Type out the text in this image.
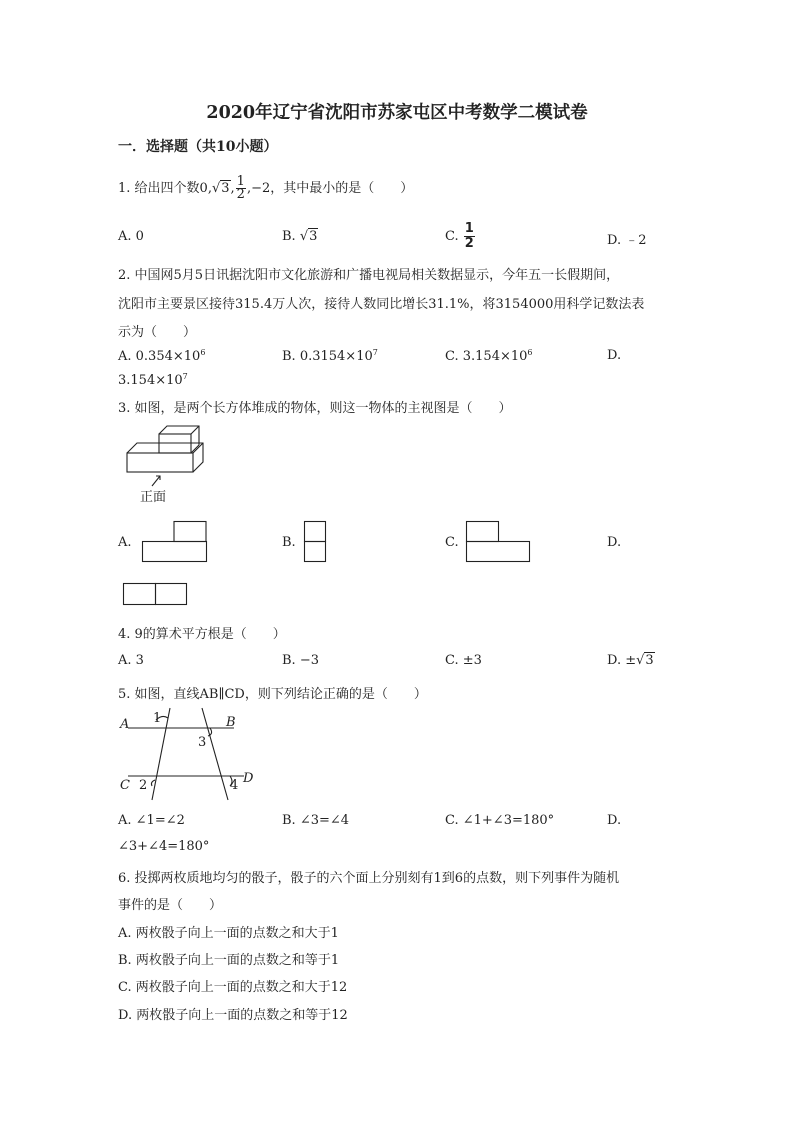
2020年辽宁省沈阳市苏家屯区中考数学二模试卷
一．选择题（共10小题）
1. 给出四个数0,√3, $\frac{1}{2} ,-2$，其中最小的是（　　）
A. 0	B. √3	C. $\frac{1}{2}$	D. ﹣2
2. 中国网5月5日讯据沈阳市文化旅游和广播电视局相关数据显示，今年五一长假期间，
沈阳市主要景区接待315.4万人次，接待人数同比增长31.1%，将3154000用科学记数法表
示为（　　）
A. $0.354\times 10^6$	B. $0.3154\times 10^7$	C. $3.154\times 10^6$	D.
$3.154\times 10^7$
3. 如图，是两个长方体堆成的物体，则这一物体的主视图是（　　）
正面
A.	B.	C.	D.
4. 9的算术平方根是（　　）
A. 3	B. −3	C. ±3	D. ±√3
5. 如图，直线AB∥CD，则下列结论正确的是（　　）
A 1	B
3
C 2	4 D
A. ∠1=∠2	B. ∠3=∠4	C. ∠1+∠3=180°	D.
∠3+∠4=180°
6. 投掷两枚质地均匀的骰子，骰子的六个面上分别刻有1到6的点数，则下列事件为随机
事件的是（　　）
A. 两枚骰子向上一面的点数之和大于1
B. 两枚骰子向上一面的点数之和等于1
C. 两枚骰子向上一面的点数之和大于12
D. 两枚骰子向上一面的点数之和等于12
